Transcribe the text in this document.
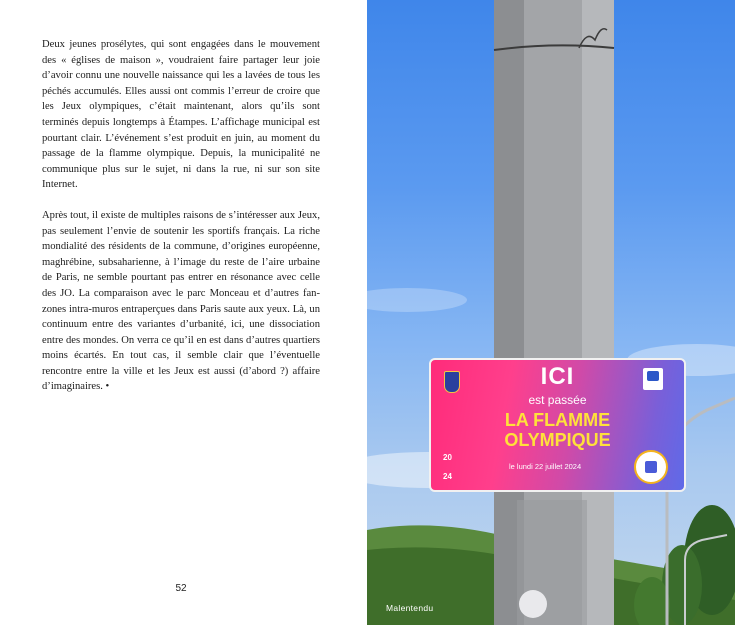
Deux jeunes prosélytes, qui sont engagées dans le mouvement des « églises de maison », voudraient faire partager leur joie d’avoir connu une nouvelle naissance qui les a lavées de tous les péchés accumulés. Elles aussi ont commis l’erreur de croire que les Jeux olympiques, c’était maintenant, alors qu’ils sont terminés depuis longtemps à Étampes. L’affichage municipal est pourtant clair. L’événement s’est produit en juin, au moment du passage de la flamme olympique. Depuis, la municipalité ne communique plus sur le sujet, ni dans la rue, ni sur son site Internet.

Après tout, il existe de multiples raisons de s’intéresser aux Jeux, pas seulement l’envie de soutenir les sportifs français. La riche mondialité des résidents de la commune, d’origines européenne, maghrébine, subsaharienne, à l’image du reste de l’aire urbaine de Paris, ne semble pourtant pas entrer en résonance avec celle des JO. La comparaison avec le parc Monceau et d’autres fan-zones intra-muros entraperçues dans Paris saute aux yeux. Là, un continuum entre des variantes d’urbanité, ici, une dissociation entre des mondes. On verra ce qu’il en est dans d’autres quartiers moins écartés. En tout cas, il semble clair que l’éventuelle rencontre entre la ville et les Jeux est aussi (d’abord ?) affaire d’imaginaires. •

52
ICI
est passée
LA FLAMME
OLYMPIQUE
20
24
le lundi 22 juillet 2024
Malentendu
